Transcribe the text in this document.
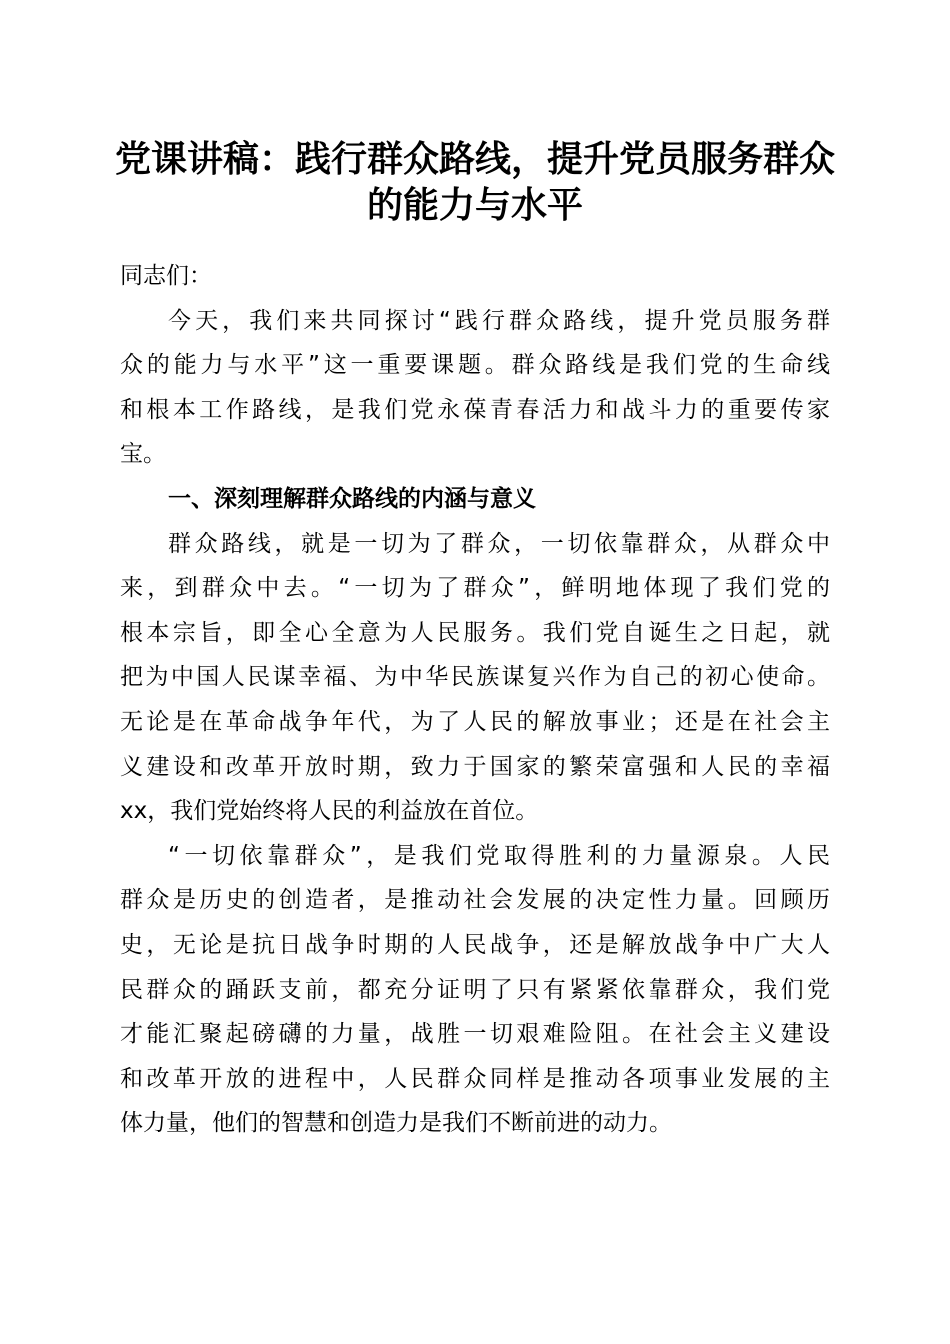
党课讲稿：践行群众路线，提升党员服务群众
的能力与水平
同志们：
今天，我们来共同探讨“践行群众路线，提升党员服务群
众的能力与水平”这一重要课题。群众路线是我们党的生命线
和根本工作路线，是我们党永葆青春活力和战斗力的重要传家
宝。
一、深刻理解群众路线的内涵与意义
群众路线，就是一切为了群众，一切依靠群众，从群众中
来，到群众中去。“一切为了群众”，鲜明地体现了我们党的
根本宗旨，即全心全意为人民服务。我们党自诞生之日起，就
把为中国人民谋幸福、为中华民族谋复兴作为自己的初心使命。
无论是在革命战争年代，为了人民的解放事业；还是在社会主
义建设和改革开放时期，致力于国家的繁荣富强和人民的幸福
xx，我们党始终将人民的利益放在首位。
“一切依靠群众”，是我们党取得胜利的力量源泉。人民
群众是历史的创造者，是推动社会发展的决定性力量。回顾历
史，无论是抗日战争时期的人民战争，还是解放战争中广大人
民群众的踊跃支前，都充分证明了只有紧紧依靠群众，我们党
才能汇聚起磅礴的力量，战胜一切艰难险阻。在社会主义建设
和改革开放的进程中，人民群众同样是推动各项事业发展的主
体力量，他们的智慧和创造力是我们不断前进的动力。
